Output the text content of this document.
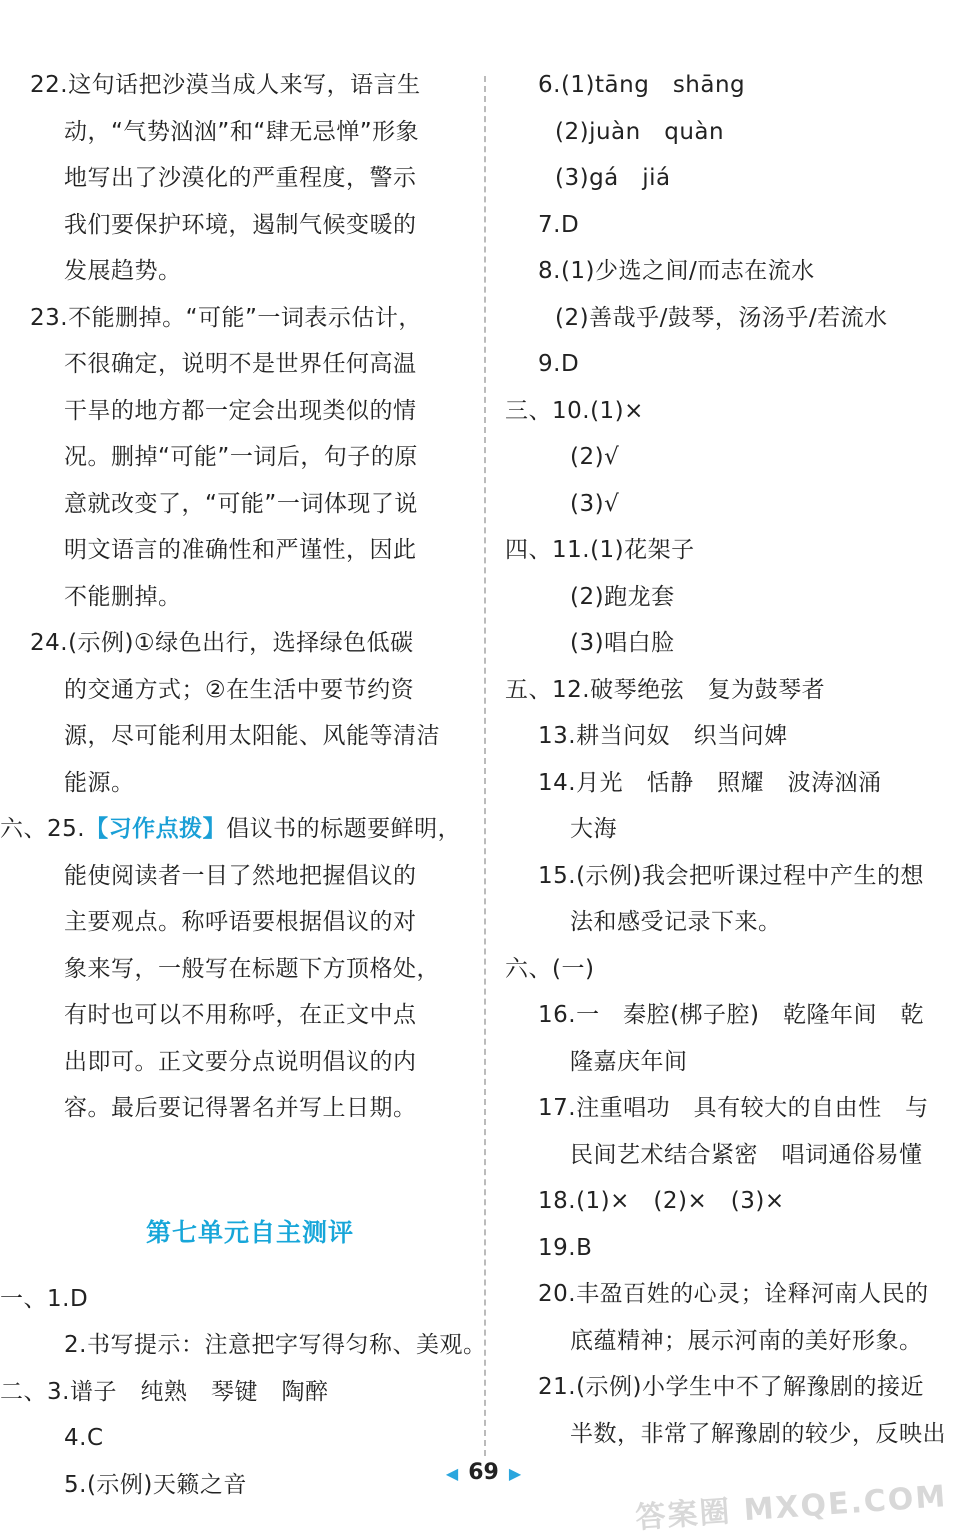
22.这句话把沙漠当成人来写，语言生
动，“气势汹汹”和“肆无忌惮”形象
地写出了沙漠化的严重程度，警示
我们要保护环境，遏制气候变暖的
发展趋势。
23.不能删掉。“可能”一词表示估计，
不很确定，说明不是世界任何高温
干旱的地方都一定会出现类似的情
况。删掉“可能”一词后，句子的原
意就改变了，“可能”一词体现了说
明文语言的准确性和严谨性，因此
不能删掉。
24.(示例)①绿色出行，选择绿色低碳
的交通方式；②在生活中要节约资
源，尽可能利用太阳能、风能等清洁
能源。
六、25.【习作点拨】倡议书的标题要鲜明，
能使阅读者一目了然地把握倡议的
主要观点。称呼语要根据倡议的对
象来写，一般写在标题下方顶格处，
有时也可以不用称呼，在正文中点
出即可。正文要分点说明倡议的内
容。最后要记得署名并写上日期。
第七单元自主测评
一、1.D
2.书写提示：注意把字写得匀称、美观。
二、3.谱子　纯熟　琴键　陶醉
4.C
5.(示例)天籁之音
6.(1)tāng　shāng
(2)juàn　quàn
(3)gá　jiá
7.D
8.(1)少选之间/而志在流水
(2)善哉乎/鼓琴，汤汤乎/若流水
9.D
三、10.(1)×
(2)√
(3)√
四、11.(1)花架子
(2)跑龙套
(3)唱白脸
五、12.破琴绝弦　复为鼓琴者
13.耕当问奴　织当问婢
14.月光　恬静　照耀　波涛汹涌
大海
15.(示例)我会把听课过程中产生的想
法和感受记录下来。
六、(一)
16.一　秦腔(梆子腔)　乾隆年间　乾
隆嘉庆年间
17.注重唱功　具有较大的自由性　与
民间艺术结合紧密　唱词通俗易懂
18.(1)×　(2)×　(3)×
19.B
20.丰盈百姓的心灵；诠释河南人民的
底蕴精神；展示河南的美好形象。
21.(示例)小学生中不了解豫剧的接近
半数，非常了解豫剧的较少，反映出
◀ 69 ▶
答案圈 MXQE.COM
